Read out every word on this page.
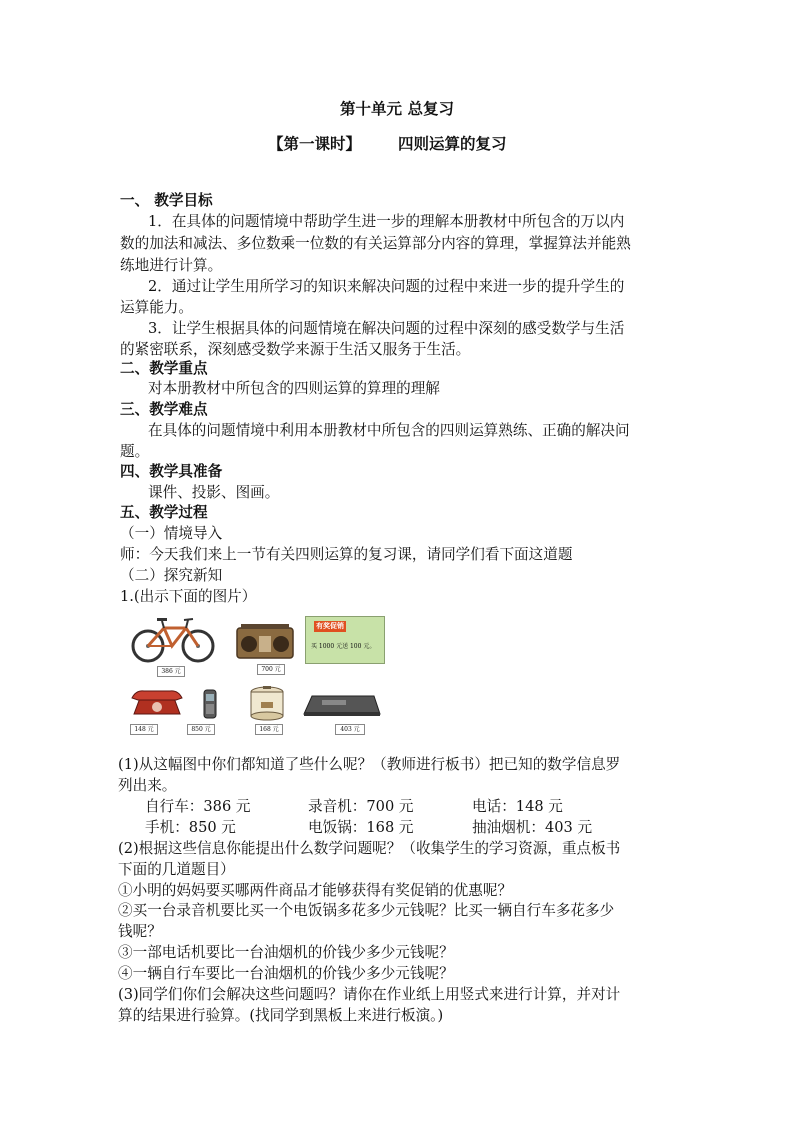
第十单元 总复习
【第一课时】 四则运算的复习
一、 教学目标
1．在具体的问题情境中帮助学生进一步的理解本册教材中所包含的万以内
数的加法和减法、多位数乘一位数的有关运算部分内容的算理，掌握算法并能熟
练地进行计算。
2．通过让学生用所学习的知识来解决问题的过程中来进一步的提升学生的
运算能力。
3．让学生根据具体的问题情境在解决问题的过程中深刻的感受数学与生活
的紧密联系，深刻感受数学来源于生活又服务于生活。
二、教学重点
对本册教材中所包含的四则运算的算理的理解
三、教学难点
在具体的问题情境中利用本册教材中所包含的四则运算熟练、正确的解决问
题。
四、教学具准备
课件、投影、图画。
五、教学过程
（一）情境导入
师：今天我们来上一节有关四则运算的复习课，请同学们看下面这道题
（二）探究新知
1.(出示下面的图片）
386 元	700 元
有奖促销
买 1000 元送 100 元。
148 元	850 元	168 元	403 元
(1)从这幅图中你们都知道了些什么呢？（教师进行板书）把已知的数学信息罗
列出来。
自行车：386 元	录音机：700 元	电话：148 元
手机：850 元	电饭锅：168 元	抽油烟机：403 元
(2)根据这些信息你能提出什么数学问题呢？（收集学生的学习资源，重点板书
下面的几道题目）
①小明的妈妈要买哪两件商品才能够获得有奖促销的优惠呢？
②买一台录音机要比买一个电饭锅多花多少元钱呢？比买一辆自行车多花多少
钱呢？
③一部电话机要比一台油烟机的价钱少多少元钱呢？
④一辆自行车要比一台油烟机的价钱少多少元钱呢？
(3)同学们你们会解决这些问题吗？请你在作业纸上用竖式来进行计算，并对计
算的结果进行验算。(找同学到黑板上来进行板演。)
